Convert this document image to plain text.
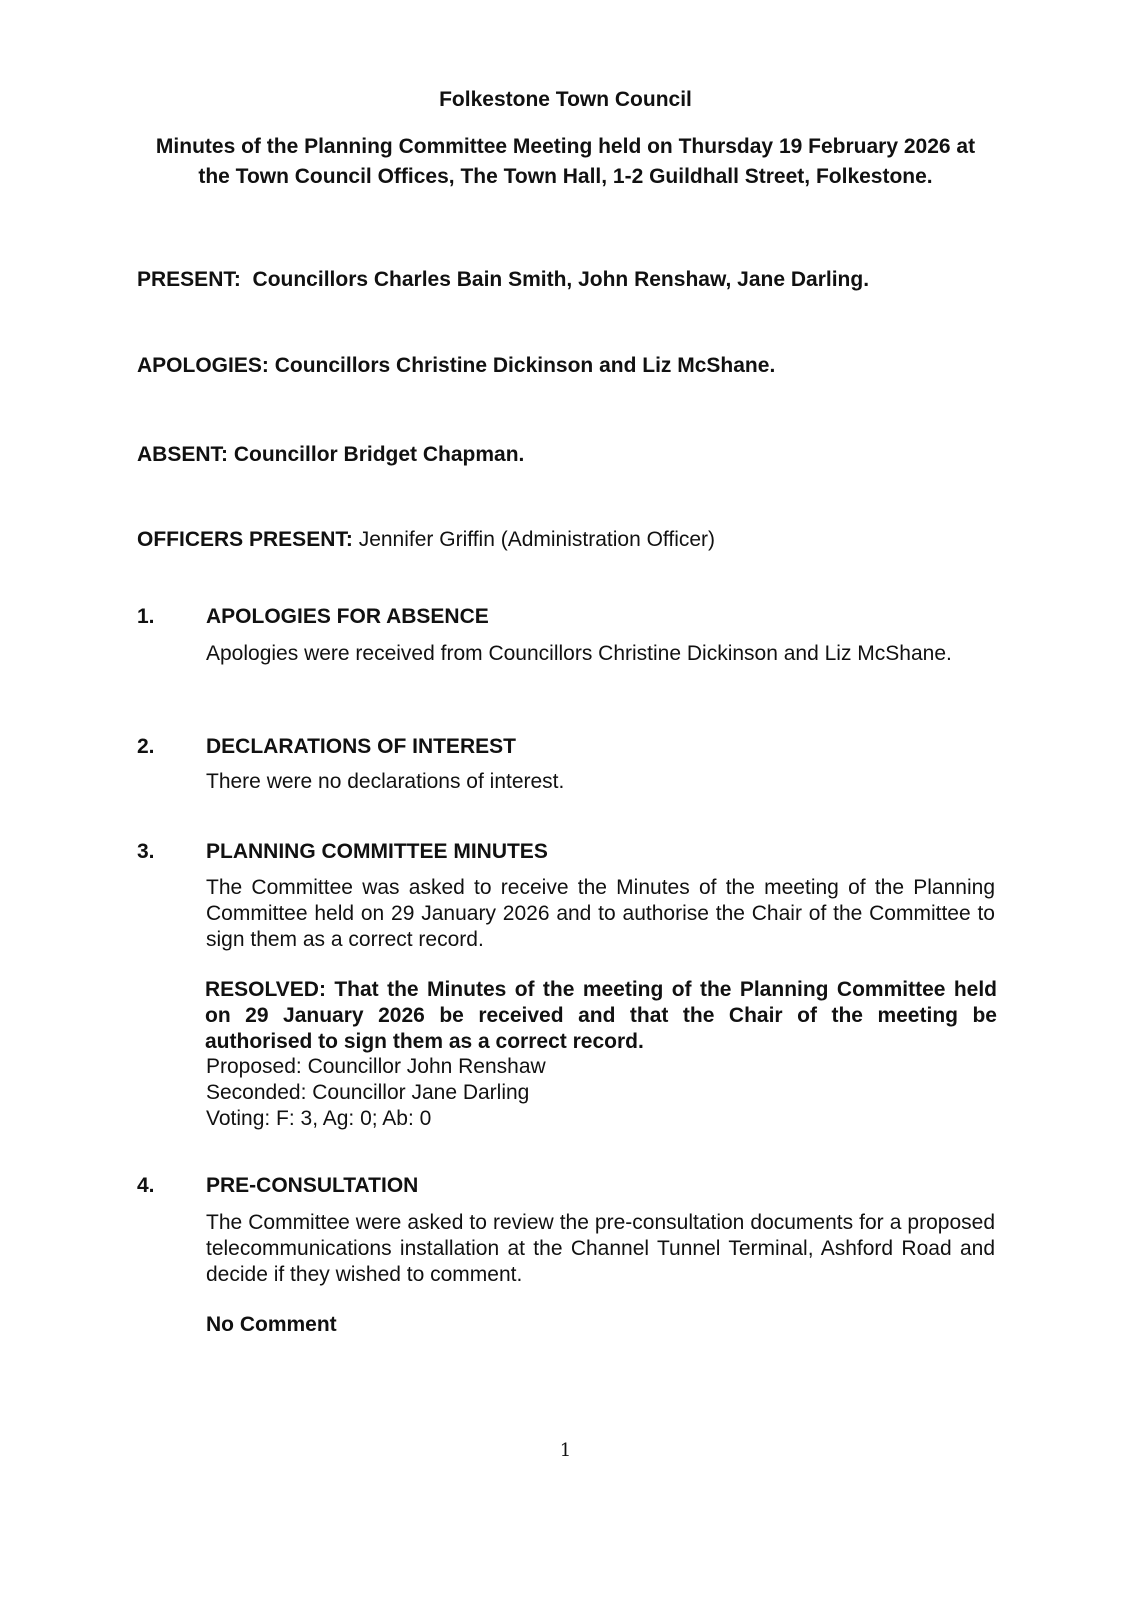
Folkestone Town Council
Minutes of the Planning Committee Meeting held on Thursday 19 February 2026 at the Town Council Offices, The Town Hall, 1-2 Guildhall Street, Folkestone.
PRESENT: Councillors Charles Bain Smith, John Renshaw, Jane Darling.
APOLOGIES: Councillors Christine Dickinson and Liz McShane.
ABSENT: Councillor Bridget Chapman.
OFFICERS PRESENT: Jennifer Griffin (Administration Officer)
1. APOLOGIES FOR ABSENCE
Apologies were received from Councillors Christine Dickinson and Liz McShane.
2. DECLARATIONS OF INTEREST
There were no declarations of interest.
3. PLANNING COMMITTEE MINUTES
The Committee was asked to receive the Minutes of the meeting of the Planning Committee held on 29 January 2026 and to authorise the Chair of the Committee to sign them as a correct record.
RESOLVED: That the Minutes of the meeting of the Planning Committee held on 29 January 2026 be received and that the Chair of the meeting be authorised to sign them as a correct record.
Proposed: Councillor John Renshaw
Seconded: Councillor Jane Darling
Voting: F: 3, Ag: 0; Ab: 0
4. PRE-CONSULTATION
The Committee were asked to review the pre-consultation documents for a proposed telecommunications installation at the Channel Tunnel Terminal, Ashford Road and decide if they wished to comment.
No Comment
1
